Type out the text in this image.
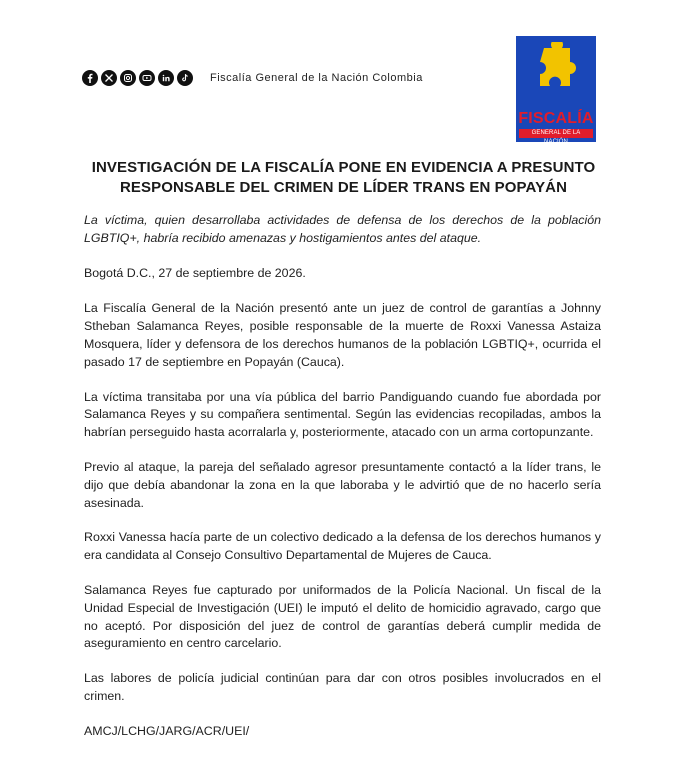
Fiscalía General de la Nación Colombia
FISCALÍA
GENERAL DE LA NACIÓN
INVESTIGACIÓN DE LA FISCALÍA PONE EN EVIDENCIA A PRESUNTO RESPONSABLE DEL CRIMEN DE LÍDER TRANS EN POPAYÁN

La víctima, quien desarrollaba actividades de defensa de los derechos de la población LGBTIQ+, habría recibido amenazas y hostigamientos antes del ataque.

Bogotá D.C., 27 de septiembre de 2026.

La Fiscalía General de la Nación presentó ante un juez de control de garantías a Johnny Stheban Salamanca Reyes, posible responsable de la muerte de Roxxi Vanessa Astaiza Mosquera, líder y defensora de los derechos humanos de la población LGBTIQ+, ocurrida el pasado 17 de septiembre en Popayán (Cauca).

La víctima transitaba por una vía pública del barrio Pandiguando cuando fue abordada por Salamanca Reyes y su compañera sentimental. Según las evidencias recopiladas, ambos la habrían perseguido hasta acorralarla y, posteriormente, atacado con un arma cortopunzante.

Previo al ataque, la pareja del señalado agresor presuntamente contactó a la líder trans, le dijo que debía abandonar la zona en la que laboraba y le advirtió que de no hacerlo sería asesinada.

Roxxi Vanessa hacía parte de un colectivo dedicado a la defensa de los derechos humanos y era candidata al Consejo Consultivo Departamental de Mujeres de Cauca.

Salamanca Reyes fue capturado por uniformados de la Policía Nacional. Un fiscal de la Unidad Especial de Investigación (UEI) le imputó el delito de homicidio agravado, cargo que no aceptó. Por disposición del juez de control de garantías deberá cumplir medida de aseguramiento en centro carcelario.

Las labores de policía judicial continúan para dar con otros posibles involucrados en el crimen.

AMCJ/LCHG/JARG/ACR/UEI/
